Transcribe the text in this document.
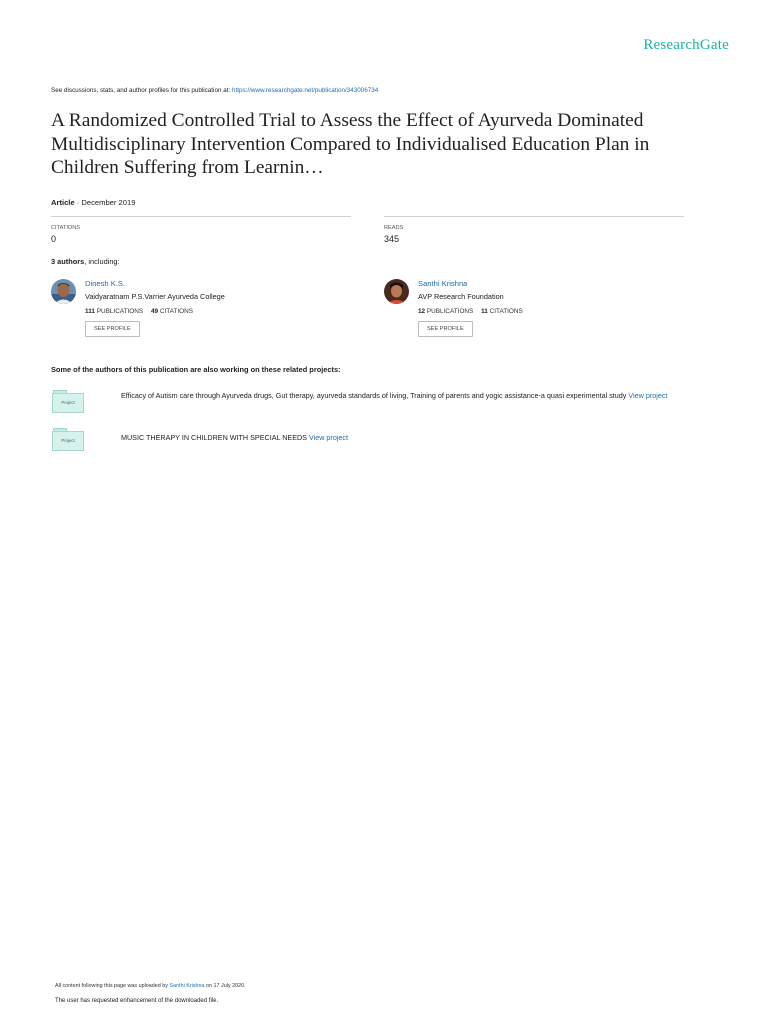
ResearchGate
See discussions, stats, and author profiles for this publication at: https://www.researchgate.net/publication/343006734
A Randomized Controlled Trial to Assess the Effect of Ayurveda Dominated Multidisciplinary Intervention Compared to Individualised Education Plan in Children Suffering from Learnin…
Article · December 2019
CITATIONS
0
READS
345
3 authors, including:
Dinesh K.S.
Vaidyaratnam P.S.Varrier Ayurveda College
111 PUBLICATIONS 49 CITATIONS
SEE PROFILE
Santhi Krishna
AVP Research Foundation
12 PUBLICATIONS 11 CITATIONS
SEE PROFILE
Some of the authors of this publication are also working on these related projects:
Project
Efficacy of Autism care through Ayurveda drugs, Gut therapy, ayurveda standards of living, Training of parents and yogic assistance-a quasi experimental study View project
Project	MUSIC THERAPY IN CHILDREN WITH SPECIAL NEEDS View project
All content following this page was uploaded by Santhi Krishna on 17 July 2020.
The user has requested enhancement of the downloaded file.
